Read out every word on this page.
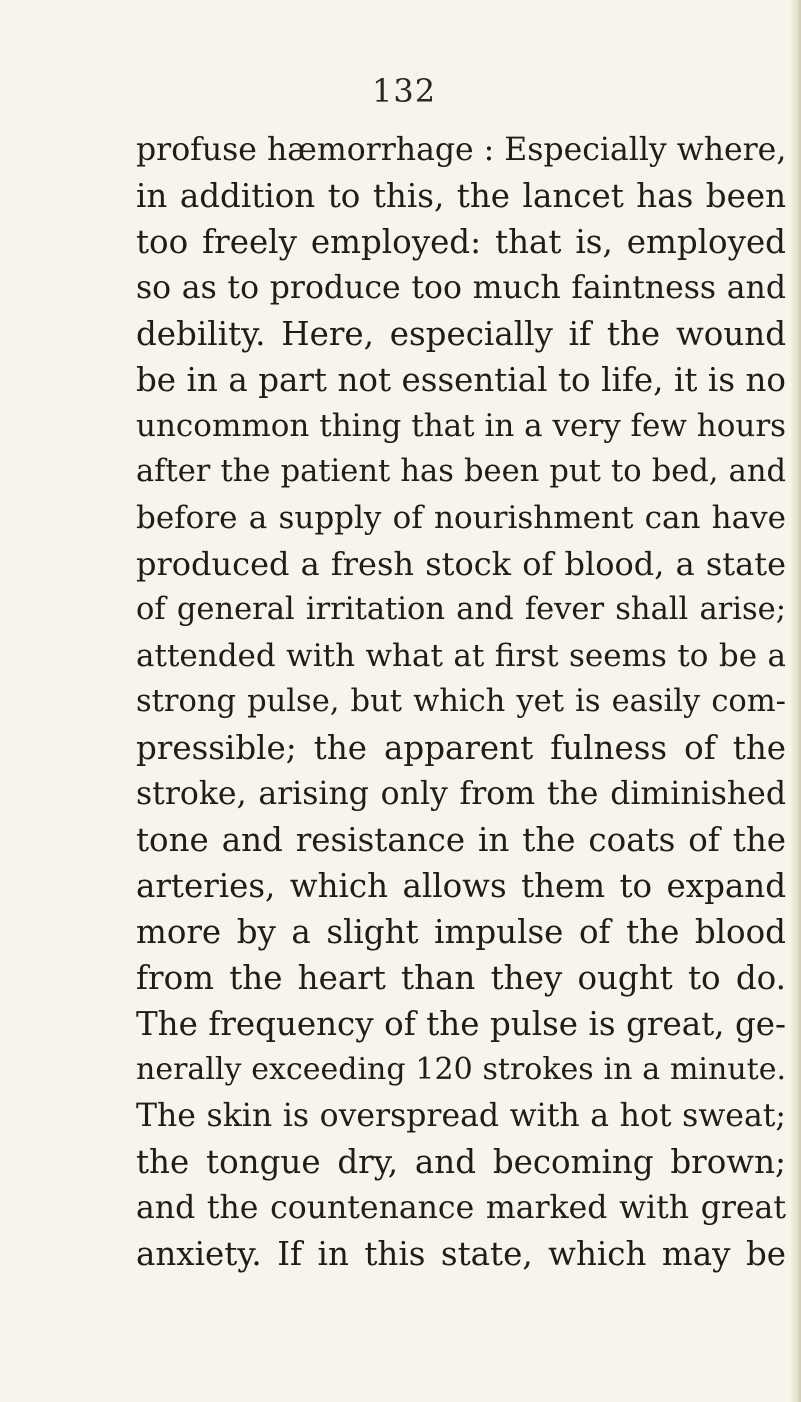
132
profuse hæmorrhage : Especially where,
in addition to this, the lancet has been
too freely employed: that is, employed
so as to produce too much faintness and
debility. Here, especially if the wound
be in a part not essential to life, it is no
uncommon thing that in a very few hours
after the patient has been put to bed, and
before a supply of nourishment can have
produced a fresh stock of blood, a state
of general irritation and fever shall arise;
attended with what at first seems to be a
strong pulse, but which yet is easily com-
pressible; the apparent fulness of the
stroke, arising only from the diminished
tone and resistance in the coats of the
arteries, which allows them to expand
more by a slight impulse of the blood
from the heart than they ought to do.
The frequency of the pulse is great, ge-
nerally exceeding 120 strokes in a minute.
The skin is overspread with a hot sweat;
the tongue dry, and becoming brown;
and the countenance marked with great
anxiety. If in this state, which may be
